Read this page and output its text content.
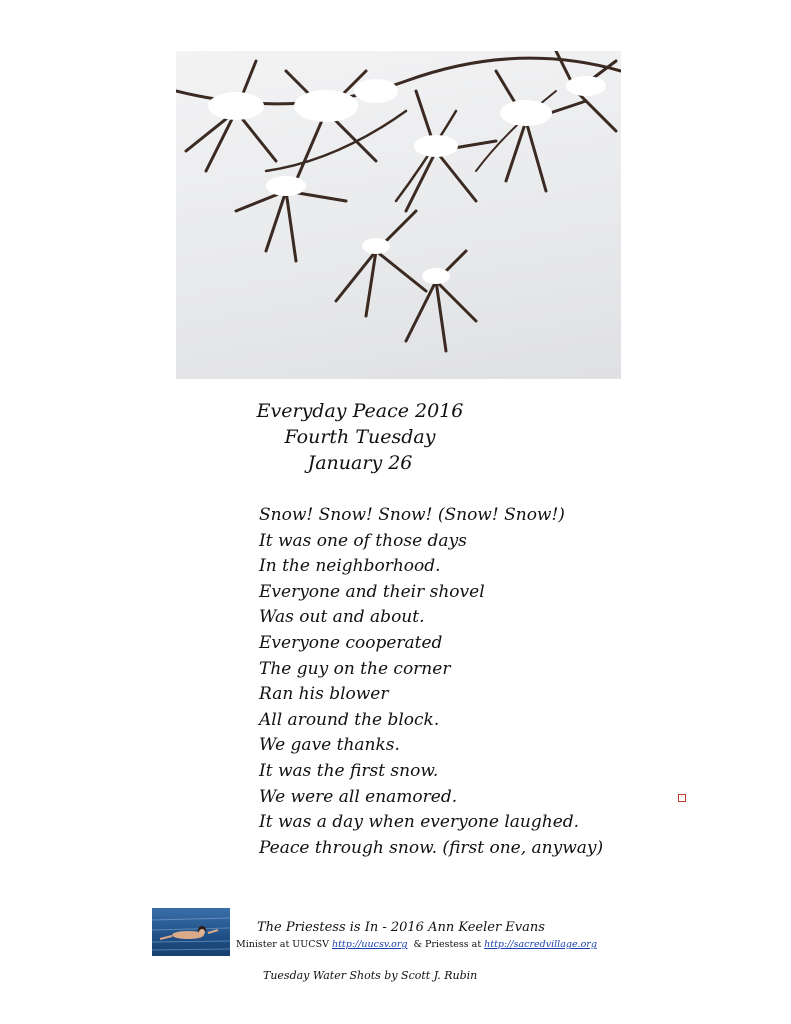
Everyday Peace 2016
Fourth Tuesday
January 26
Snow! Snow! Snow! (Snow! Snow!)
It was one of those days
In the neighborhood.
Everyone and their shovel
Was out and about.
Everyone cooperated
The guy on the corner
Ran his blower
All around the block.
We gave thanks.
It was the first snow.
We were all enamored.
It was a day when everyone laughed.
Peace through snow. (first one, anyway)
·
The Priestess is In - 2016 Ann Keeler Evans
Minister at UUCSV http://uucsv.org  & Priestess at http://sacredvillage.org
Tuesday Water Shots by Scott J. Rubin
